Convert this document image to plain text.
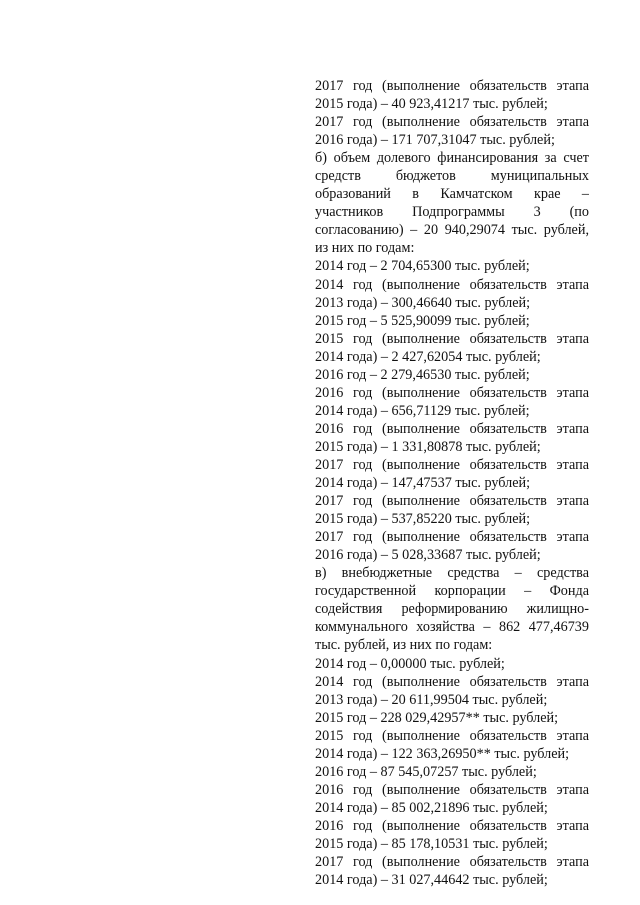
2017 год (выполнение обязательств этапа
2015 года) – 40 923,41217 тыс. рублей;
2017 год (выполнение обязательств этапа
2016 года) – 171 707,31047 тыс. рублей;
б) объем долевого финансирования за счет
средств бюджетов муниципальных
образований в Камчатском крае –
участников Подпрограммы 3 (по
согласованию) – 20 940,29074 тыс. рублей,
из них по годам:
2014 год – 2 704,65300 тыс. рублей;
2014 год (выполнение обязательств этапа
2013 года) – 300,46640 тыс. рублей;
2015 год – 5 525,90099 тыс. рублей;
2015 год (выполнение обязательств этапа
2014 года) – 2 427,62054 тыс. рублей;
2016 год – 2 279,46530 тыс. рублей;
2016 год (выполнение обязательств этапа
2014 года) – 656,71129 тыс. рублей;
2016 год (выполнение обязательств этапа
2015 года) – 1 331,80878 тыс. рублей;
2017 год (выполнение обязательств этапа
2014 года) – 147,47537 тыс. рублей;
2017 год (выполнение обязательств этапа
2015 года) – 537,85220 тыс. рублей;
2017 год (выполнение обязательств этапа
2016 года) – 5 028,33687 тыс. рублей;
в) внебюджетные средства – средства
государственной корпорации – Фонда
содействия реформированию жилищно-
коммунального хозяйства – 862 477,46739
тыс. рублей, из них по годам:
2014 год – 0,00000 тыс. рублей;
2014 год (выполнение обязательств этапа
2013 года) – 20 611,99504 тыс. рублей;
2015 год – 228 029,42957** тыс. рублей;
2015 год (выполнение обязательств этапа
2014 года) – 122 363,26950** тыс. рублей;
2016 год – 87 545,07257 тыс. рублей;
2016 год (выполнение обязательств этапа
2014 года) – 85 002,21896 тыс. рублей;
2016 год (выполнение обязательств этапа
2015 года) – 85 178,10531 тыс. рублей;
2017 год (выполнение обязательств этапа
2014 года) – 31 027,44642 тыс. рублей;
